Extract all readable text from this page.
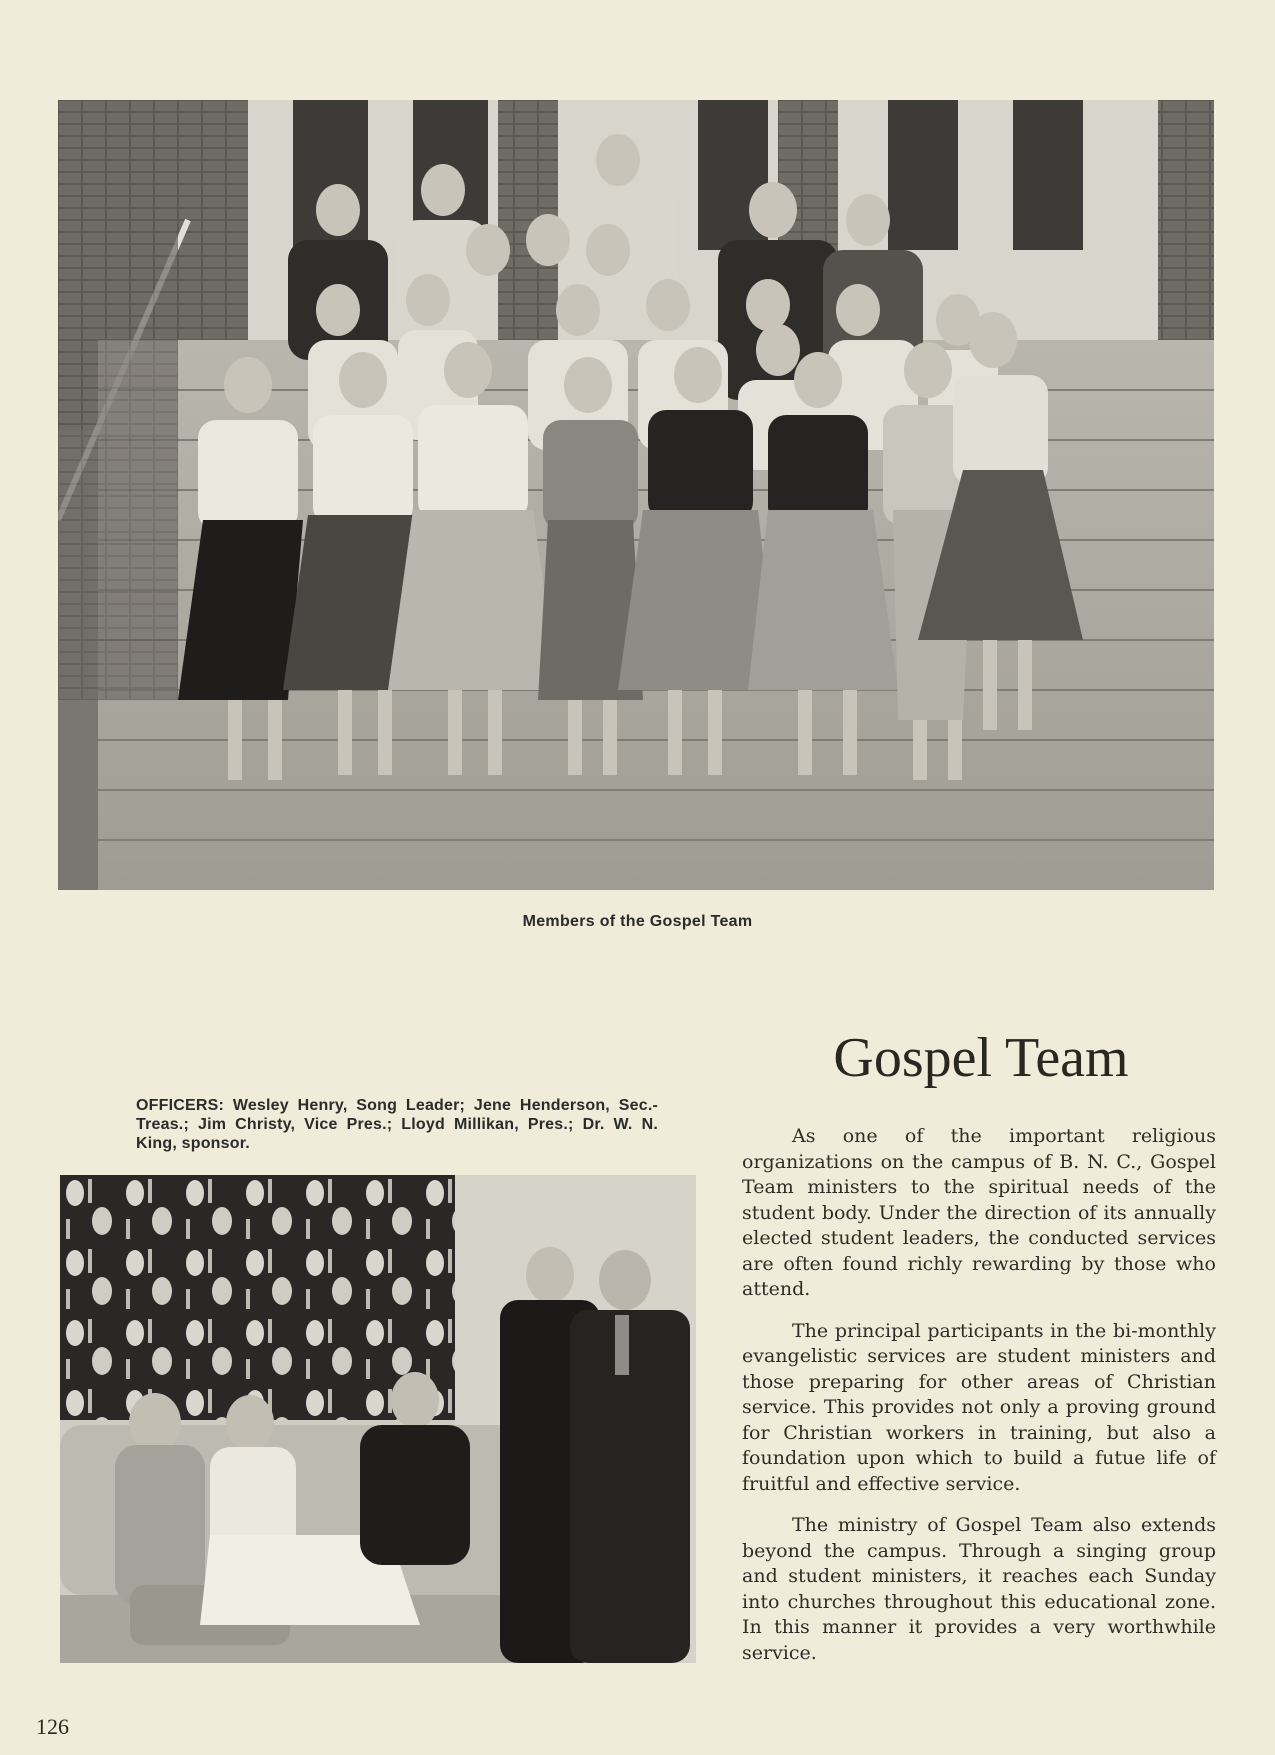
Members of the Gospel Team
Gospel Team
OFFICERS: Wesley Henry, Song Leader; Jene Henderson, Sec.-Treas.; Jim Christy, Vice Pres.; Lloyd Millikan, Pres.; Dr. W. N. King, sponsor.	As one of the important religious organizations on the campus of B. N. C., Gospel Team ministers to the spiritual needs of the student body. Under the direction of its annually elected student leaders, the conducted services are often found richly rewarding by those who attend.

The principal participants in the bi-monthly evangelistic services are student ministers and those preparing for other areas of Christian service. This provides not only a proving ground for Christian workers in training, but also a foundation upon which to build a futue life of fruitful and effective service.

The ministry of Gospel Team also extends beyond the campus. Through a singing group and student ministers, it reaches each Sunday into churches throughout this educational zone. In this manner it provides a very worthwhile service.

126
